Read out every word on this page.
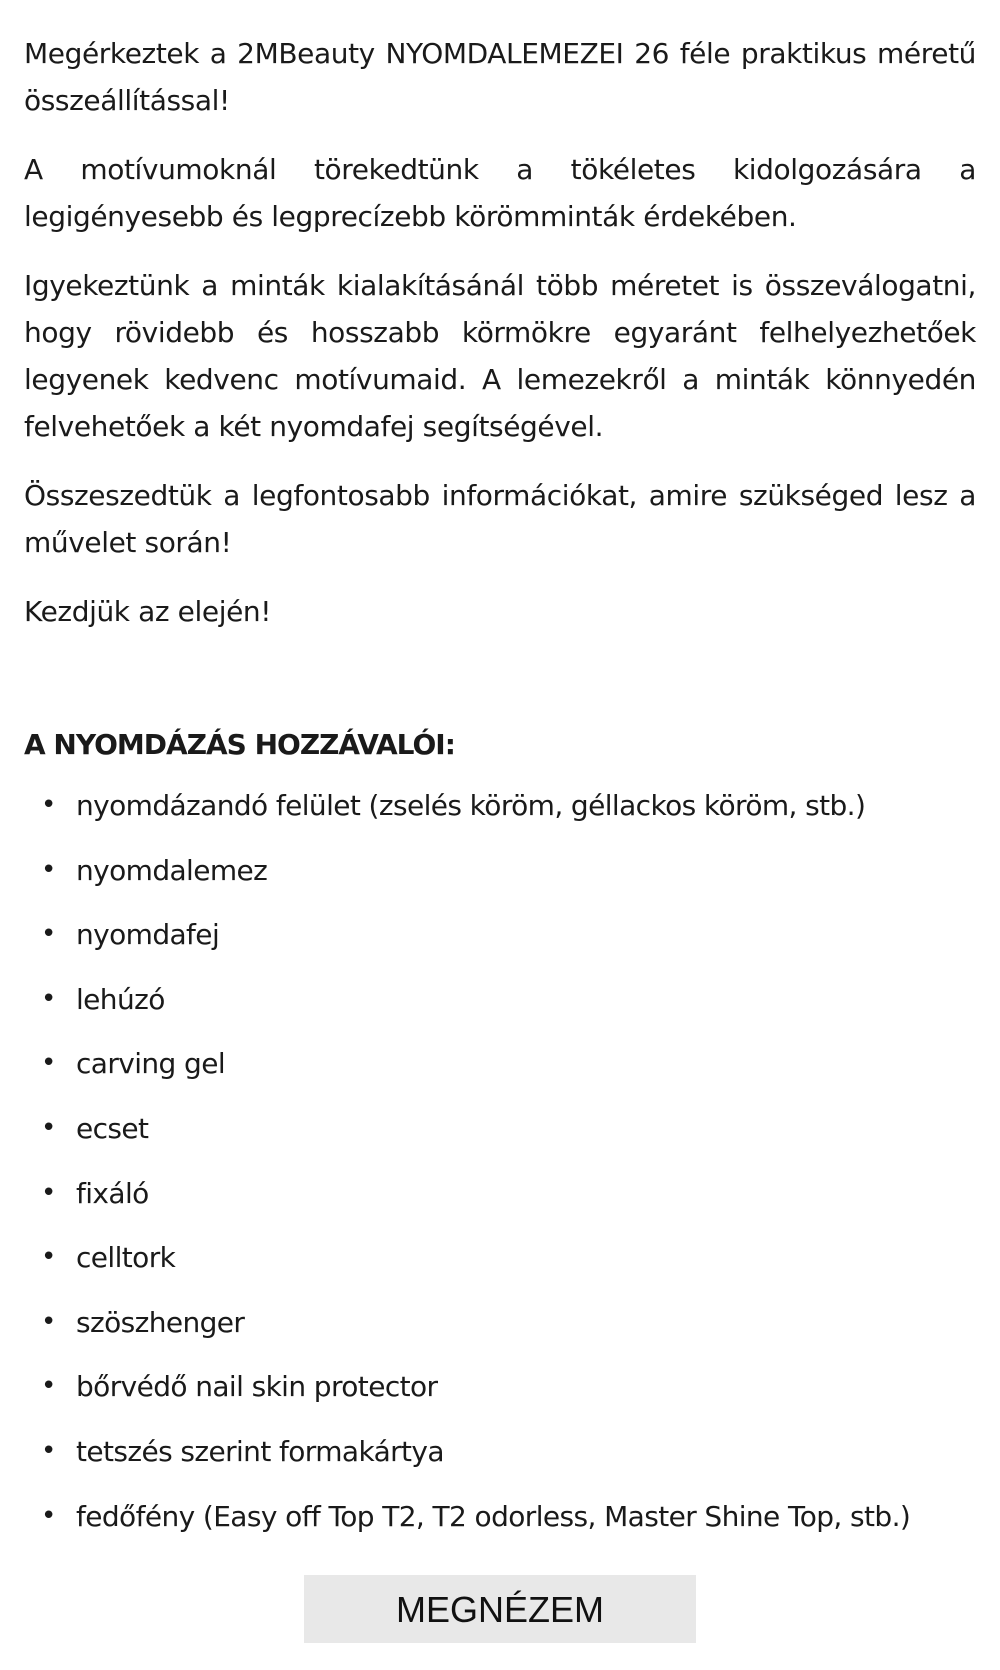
Megérkeztek a 2MBeauty NYOMDALEMEZEI 26 féle praktikus méretű összeállítással!

A motívumoknál törekedtünk a tökéletes kidolgozására a legigényesebb és legprecízebb körömminták érdekében.

Igyekeztünk a minták kialakításánál több méretet is összeválogatni, hogy rövidebb és hosszabb körmökre egyaránt felhelyezhetőek legyenek kedvenc motívumaid. A lemezekről a minták könnyedén felvehetőek a két nyomdafej segítségével.

Összeszedtük a legfontosabb információkat, amire szükséged lesz a művelet során!

Kezdjük az elején!

A NYOMDÁZÁS HOZZÁVALÓI:
• nyomdázandó felület (zselés köröm, géllackos köröm, stb.)
• nyomdalemez
• nyomdafej
• lehúzó
• carving gel
• ecset
• fixáló
• celltork
• szöszhenger
• bőrvédő nail skin protector
• tetszés szerint formakártya
• fedőfény (Easy off Top T2, T2 odorless, Master Shine Top, stb.)
MEGNÉZEM
